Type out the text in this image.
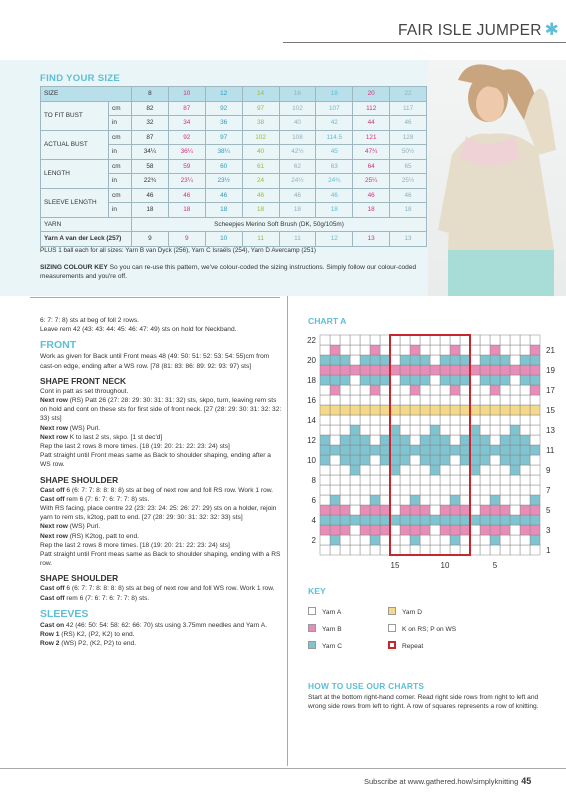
FAIR ISLE JUMPER ✱
FIND YOUR SIZE
SIZE		8	10	12	14	16	18	20	22
TO FIT BUST	cm	82	87	92	97	102	107	112	117
	in	32	34	36	38	40	42	44	46
ACTUAL BUST	cm	87	92	97	102	108	114.5	121	128
	in	34¼	36¼	38¼	40	42½	45	47¾	50½
LENGTH	cm	58	59	60	61	62	63	64	65
	in	22¾	23¼	23½	24	24½	24¾	25¼	25½
SLEEVE LENGTH	cm	46	46	46	46	46	46	46	46
	in	18	18	18	18	18	18	18	18
YARN		Scheepjes Merino Soft Brush (DK, 50g/105m)							
Yarn A van der Leck (257)		9	9	10	11	11	12	13	13
PLUS 1 ball each for all sizes: Yarn B van Dyck (256), Yarn C Israëls (254), Yarn D Avercamp (251)
SIZING COLOUR KEY So you can re-use this pattern, we've colour-coded the sizing instructions. Simply follow our colour-coded measurements and you're off.

6: 7: 7: 8) sts at beg of foll 2 rows.

Leave rem 42 (43: 43: 44: 45: 46: 47: 49) sts on hold for Neckband.

FRONT

Work as given for Back until Front meas 48 (49: 50: 51: 52: 53: 54: 55)cm from cast-on edge, ending after a WS row. [78 (81: 83: 86: 89: 92: 93: 97) sts]

SHAPE FRONT NECK

Cont in patt as set throughout.

Next row (RS) Patt 26 (27: 28: 29: 30: 31: 31: 32) sts, skpo, turn, leaving rem sts on hold and cont on these sts for first side of front neck. [27 (28: 29: 30: 31: 32: 32: 33) sts]

Next row (WS) Purl.

Next row K to last 2 sts, skpo. [1 st dec'd]

Rep the last 2 rows 8 more times. [18 (19: 20: 21: 22: 23: 24) sts]

Patt straight until Front meas same as Back to shoulder shaping, ending after a WS row.

SHAPE SHOULDER

Cast off 6 (6: 7: 7: 8: 8: 8: 8) sts at beg of next row and foll RS row. Work 1 row.

Cast off rem 6 (7: 6: 7: 6: 7: 7: 8) sts.

With RS facing, place centre 22 (23: 23: 24: 25: 26: 27: 29) sts on a holder, rejoin yarn to rem sts, k2tog, patt to end. [27 (28: 29: 30: 31: 32: 32: 33) sts]

Next row (WS) Purl.

Next row (RS) K2tog, patt to end.

Rep the last 2 rows 8 more times. [18 (19: 20: 21: 22: 23: 24) sts]

Patt straight until Front meas same as Back to shoulder shaping, ending with a RS row.

SHAPE SHOULDER

Cast off 6 (6: 7: 7: 8: 8: 8: 8) sts at beg of next row and foll WS row. Work 1 row.

Cast off rem 6 (7: 6: 7: 6: 7: 7: 8) sts.

SLEEVES

Cast on 42 (46: 50: 54: 58: 62: 66: 70) sts using 3.75mm needles and Yarn A.

Row 1 (RS) K2, (P2, K2) to end.

Row 2 (WS) P2, (K2, P2) to end.

CHART A
22
20
18
16
14
12
10
8
6
4
2
21
19
17
15
13
11
9
7
5
3
1
15	10	5
KEY
Yarn A
Yarn B
Yarn C
Yarn D
K on RS; P on WS
Repeat
HOW TO USE OUR CHARTS
Start at the bottom right-hand corner. Read right side rows from right to left and wrong side rows from left to right. A row of squares represents a row of knitting.
Subscribe at www.gathered.how/simplyknitting 45
